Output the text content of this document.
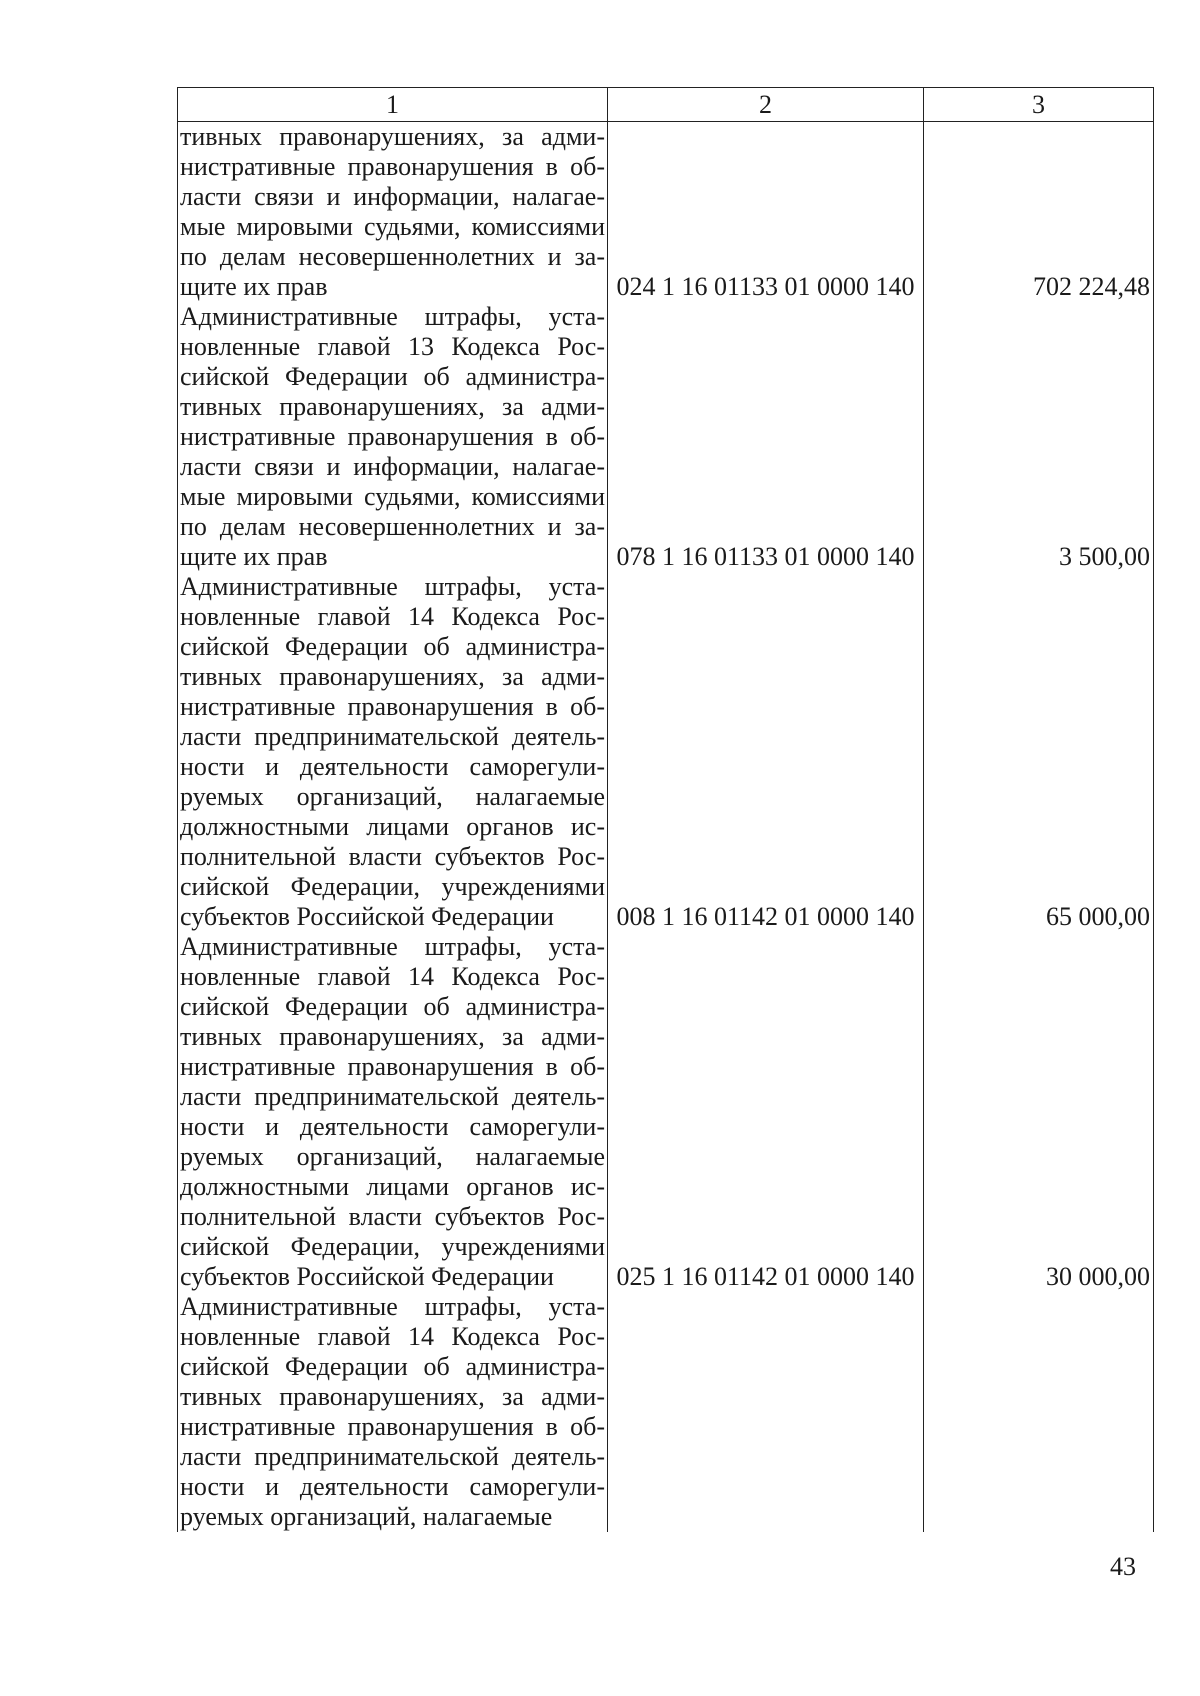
1	2	3
тивных правонарушениях, за административные правонарушения в области связи и информации, налагаемые мировыми судьями, комиссиями по делам несовершеннолетних и защите их прав	024 1 16 01133 01 0000 140	702 224,48
Административные штрафы, установленные главой 13 Кодекса Российской Федерации об административных правонарушениях, за административные правонарушения в области связи и информации, налагаемые мировыми судьями, комиссиями по делам несовершеннолетних и защите их прав	078 1 16 01133 01 0000 140	3 500,00
Административные штрафы, установленные главой 14 Кодекса Российской Федерации об административных правонарушениях, за административные правонарушения в области предпринимательской деятельности и деятельности саморегулируемых организаций, налагаемые должностными лицами органов исполнительной власти субъектов Российской Федерации, учреждениями субъектов Российской Федерации	008 1 16 01142 01 0000 140	65 000,00
Административные штрафы, установленные главой 14 Кодекса Российской Федерации об административных правонарушениях, за административные правонарушения в области предпринимательской деятельности и деятельности саморегулируемых организаций, налагаемые должностными лицами органов исполнительной власти субъектов Российской Федерации, учреждениями субъектов Российской Федерации	025 1 16 01142 01 0000 140	30 000,00
Административные штрафы, установленные главой 14 Кодекса Российской Федерации об административных правонарушениях, за административные правонарушения в области предпринимательской деятельности и деятельности саморегулируемых организаций, налагаемые		
43
